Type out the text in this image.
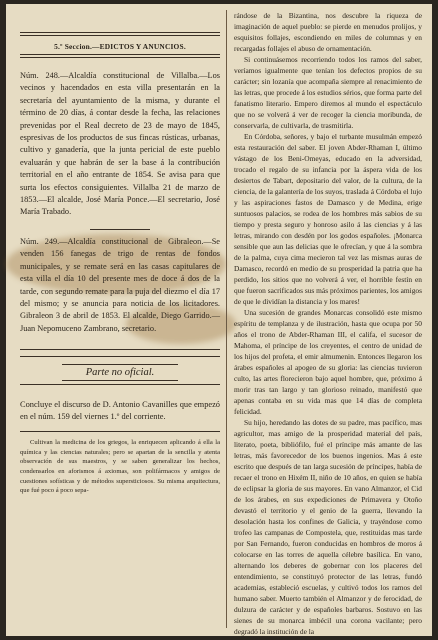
5.º Seccion.—EDICTOS Y ANUNCIOS.

Núm. 248.—Alcaldía constitucional de Villalba.—Los vecinos y hacendados en esta villa presentarán en la secretaría del ayuntamiento de la misma, y durante el término de 20 días, á contar desde la fecha, las relaciones prevenidas por el Real decreto de 23 de mayo de 1845, espresivas de los productos de sus fincas rústicas, urbanas, cultivo y ganadería, que la junta pericial de este pueblo evaluarán y que habrán de ser la base á la contribución territorial en el año entrante de 1854. Se avisa para que surta los efectos consiguientes. Villalba 21 de marzo de 1853.—El alcalde, José María Ponce.—El secretario, José María Trabado.

Núm. 249.—Alcaldía constitucional de Gibraleon.—Se venden 156 fanegas de trigo de rentas de fondos municipales, y se remate será en las casas capitulares de esta villa el día 10 del presente mes de doce á dos de la tarde, con segundo remate para la puja del diezmo el día 17 del mismo; y se anuncia para noticia de los licitadores. Gibraleon 3 de abril de 1853. El alcalde, Diego Garrido.—Juan Nepomuceno Zambrano, secretario.

Parte no oficial.

Concluye el discurso de D. Antonio Cavanilles que empezó en el núm. 159 del viernes 1.º del corriente.

Cultivan la medicina de los griegos, la enriquecen aplicando á ella la química y las ciencias naturales; pero se apartan de la sencilla y atenta observación de sus maestros, y se saben generalizar los hechos, condensarlos en aforismos á axiomas, son polifármacos y amigos de cuestiones sofísticas y de métodos supersticiosos. Su misma arquitectura, que fué poco á poco sepa-

rándose de la Bizantina, nos descubre la riqueza de imaginación de aquel pueblo: se pierde en menudos prolijos, y esquisitos follajes, escondiendo en miles de columnas y en recargadas follajes el abuso de ornamentación.

Si continuásemos recorriendo todos los ramos del saber, veríamos igualmente que tenían los defectos propios de su carácter; sin lozanía que acompaña siempre al renacimiento de las letras, que procede á los estudios sérios, que forma parte del fanatismo literario. Empero diremos al mundo el espectáculo que no se volverá á ver de recoger la ciencia moribunda, de conservarla, de cultivarla, de trasmitirla.

En Córdoba, señores, y bajo el turbante musulmán empezó esta restauración del saber. El joven Abder-Rhaman I, último vástago de los Beni-Omeyas, educado en la adversidad, trocado el regalo de su infancia por la áspera vida de los desiertos de Tabart, depositario del valor, de la cultura, de la ciencia, de la galantería de los suyos, traslada á Córdoba el lujo y las aspiraciones fastos de Damasco y de Medina, erige suntuosos palacios, se rodea de los hombres más sabios de su tiempo y presta seguro y honroso asilo á las ciencias y á las letras, mirando con desdén por los godos españoles. ¡Monarca sensible que aun las delicias que le ofrecían, y que á la sombra de la palma, cuya cima mecieron tal vez las mismas auras de Damasco, recordó en medio de su prosperidad la patria que ha perdido, los sitios que no volverá á ver, el horrible festín en que fueron sacrificados sus más próximos parientes, los amigos de que le dividían la distancia y los mares!

Una sucesión de grandes Monarcas consolidó este mismo espíritu de templanza y de ilustración, hasta que ocupa por 50 años el trono de Abder-Rhaman III, el califa, el sucesor de Mahoma, el príncipe de los creyentes, el centro de unidad de los hijos del profeta, el emir almumenin. Entonces llegaron los árabes españoles al apogeo de su gloria: las ciencias tuvieron culto, las artes florecieron bajo aquel hombre, que, próximo á morir tras tan largo y tan glorioso reinado, manifestó que apenas contaba en su vida mas que 14 días de completa felicidad.

Su hijo, heredando las dotes de su padre, mas pacífico, mas agricultor, mas amigo de la prosperidad material del país, literato, poeta, bibliófilo, fué el príncipe más amante de las letras, más favorecedor de los buenos ingenios. Mas á este escrito que después de tan larga sucesión de príncipes, había de recaer el trono en Hixém II, niño de 10 años, en quien se había de eclipsar la gloria de sus mayores. En vano Almanzor, el Cid de los árabes, en sus expediciones de Primavera y Otoño devastó el territorio y el genio de la guerra, llevando la desolación hasta los confines de Galicia, y trayéndose como trofeo las campanas de Compostela, que, restituidas mas tarde por San Fernando, fueron conducidas en hombros de moros á colocarse en las torres de aquella célebre basílica. En vano, alternando los deberes de gobernar con los placeres del entendimiento, se constituyó protector de las letras, fundó academias, estableció escuelas, y cultivó todos los ramos del humano saber. Muerto también el Almanzor y de ferocidad, de dulzura de carácter y de españoles barbaros. Sostuvo en las sienes de su monarca imbécil una corona vacilante; pero degradó la institución de la
